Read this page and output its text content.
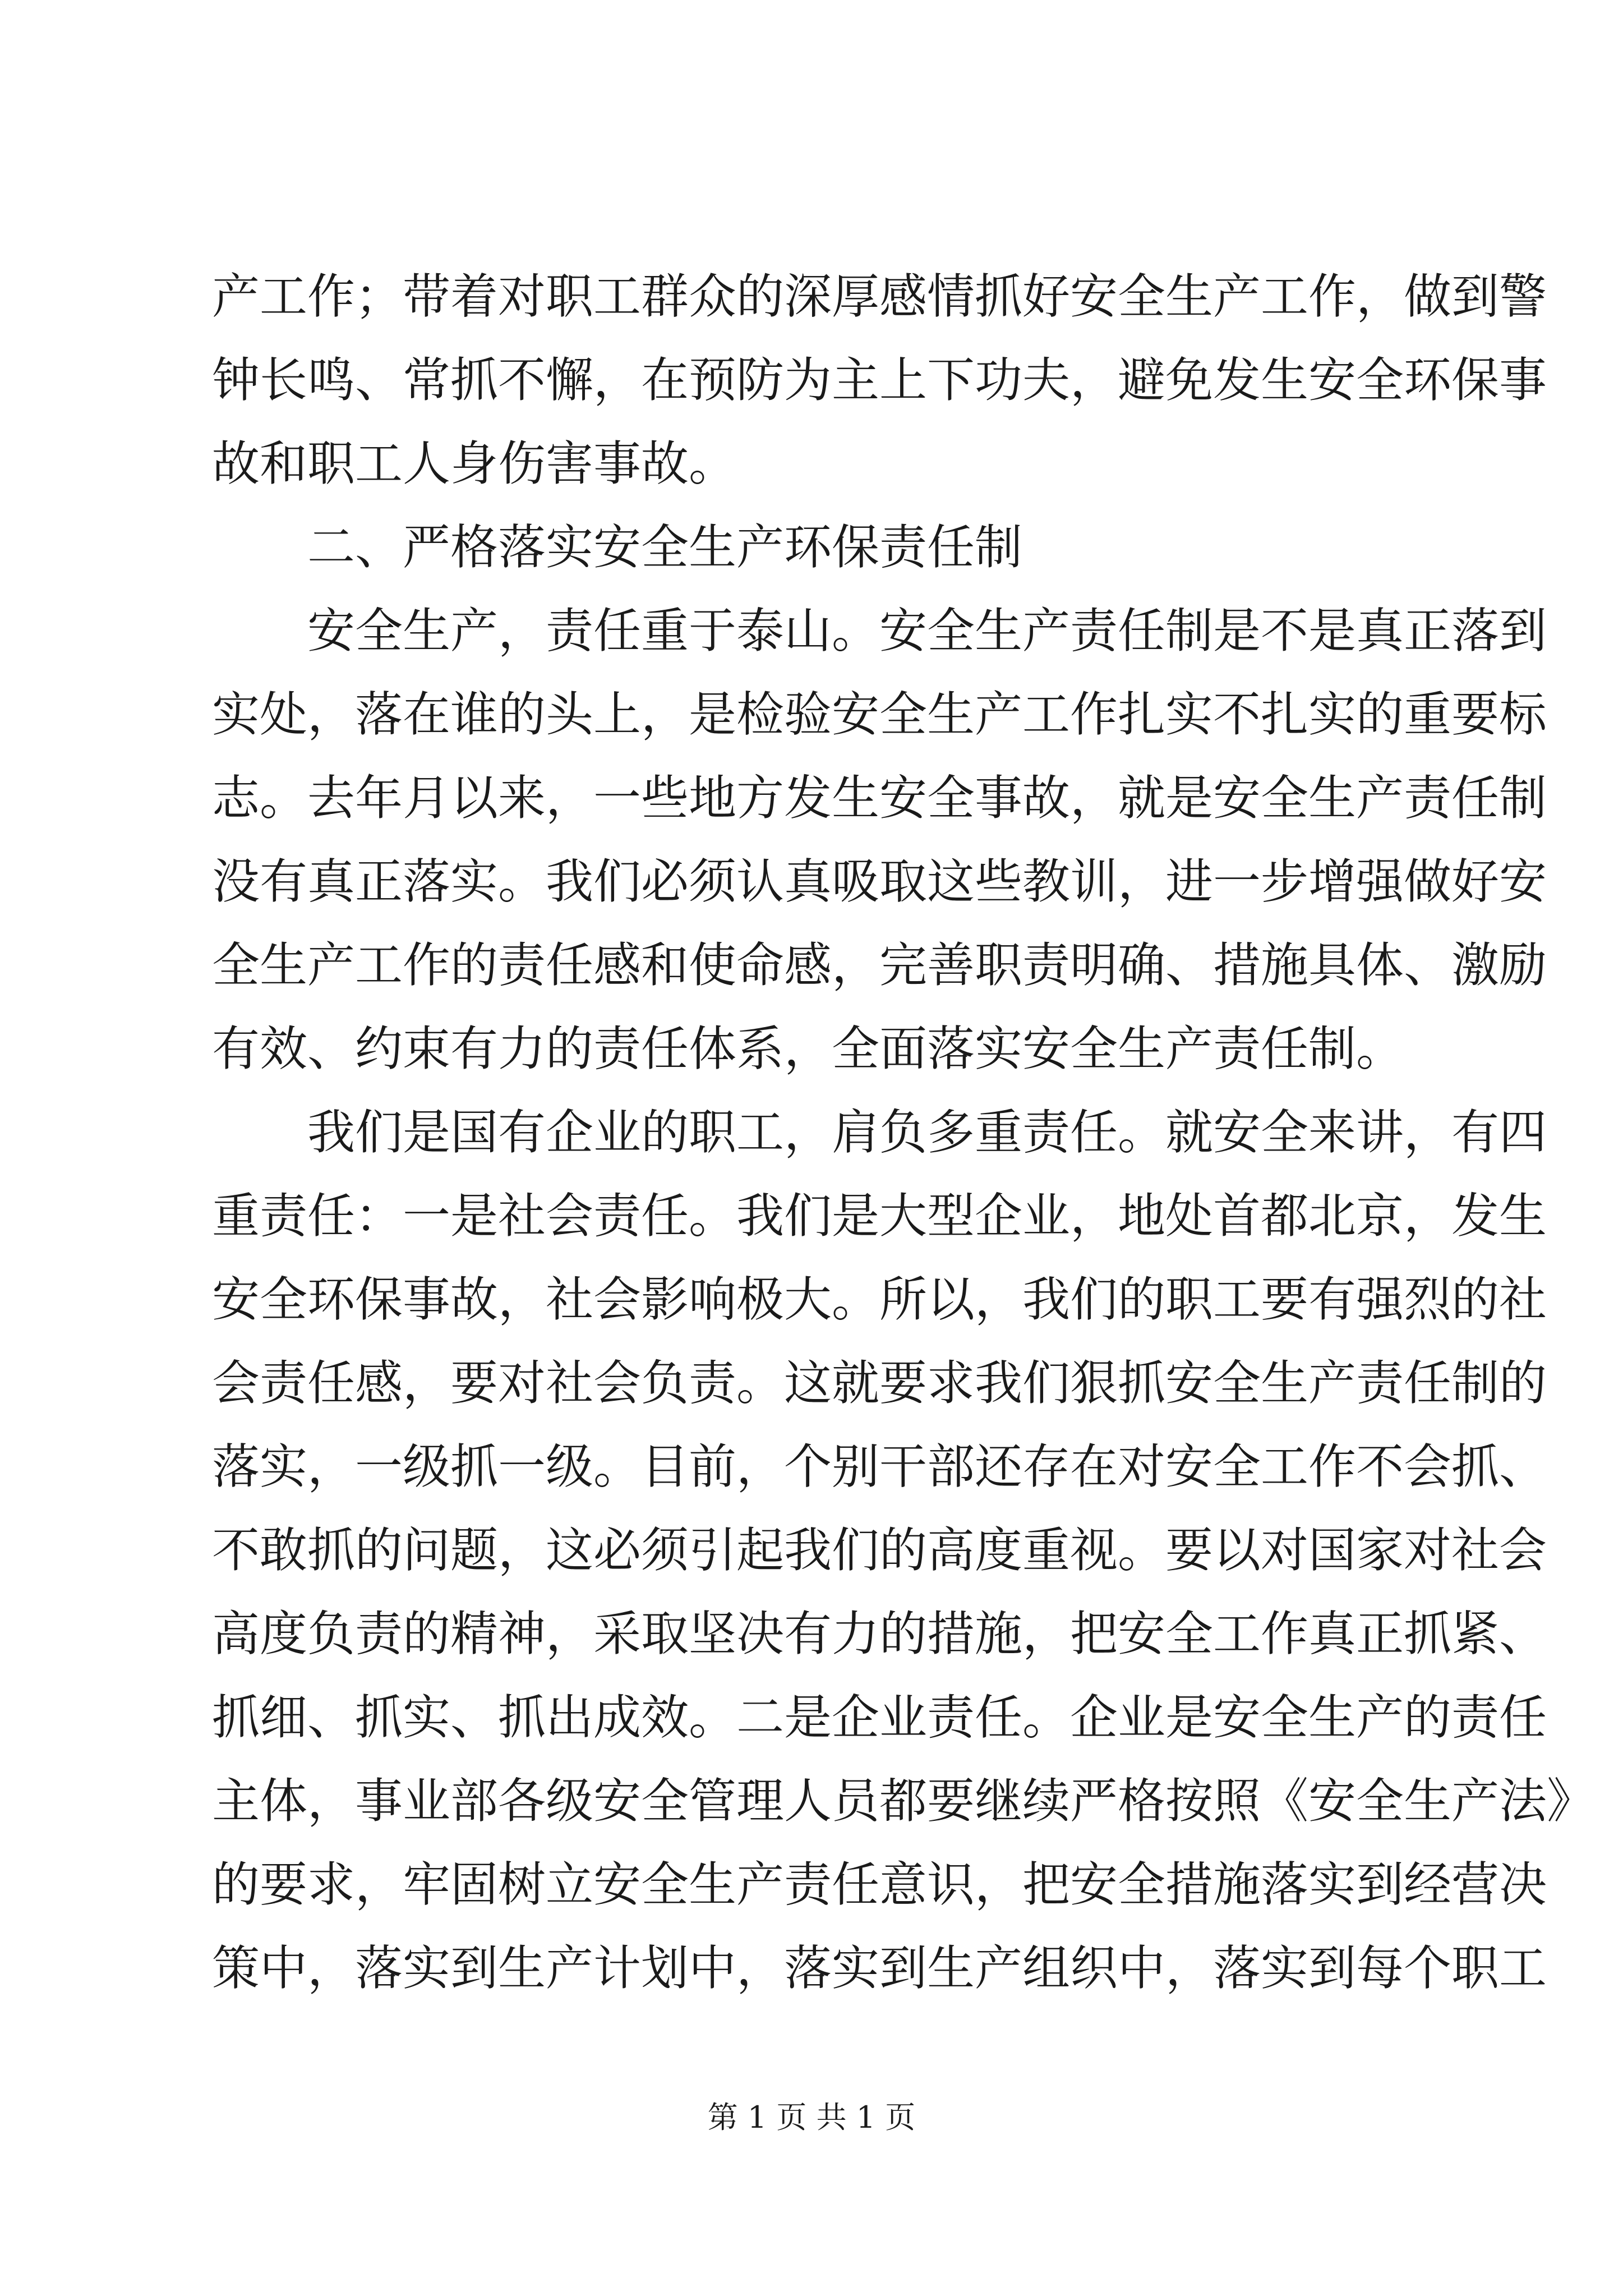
产工作；带着对职工群众的深厚感情抓好安全生产工作，做到警
钟长鸣、常抓不懈，在预防为主上下功夫，避免发生安全环保事
故和职工人身伤害事故。
二、严格落实安全生产环保责任制
安全生产，责任重于泰山。安全生产责任制是不是真正落到
实处，落在谁的头上，是检验安全生产工作扎实不扎实的重要标
志。去年月以来，一些地方发生安全事故，就是安全生产责任制
没有真正落实。我们必须认真吸取这些教训，进一步增强做好安
全生产工作的责任感和使命感，完善职责明确、措施具体、激励
有效、约束有力的责任体系，全面落实安全生产责任制。
我们是国有企业的职工，肩负多重责任。就安全来讲，有四
重责任：一是社会责任。我们是大型企业，地处首都北京，发生
安全环保事故，社会影响极大。所以，我们的职工要有强烈的社
会责任感，要对社会负责。这就要求我们狠抓安全生产责任制的
落实，一级抓一级。目前，个别干部还存在对安全工作不会抓、
不敢抓的问题，这必须引起我们的高度重视。要以对国家对社会
高度负责的精神，采取坚决有力的措施，把安全工作真正抓紧、
抓细、抓实、抓出成效。二是企业责任。企业是安全生产的责任
主体，事业部各级安全管理人员都要继续严格按照《安全生产法》
的要求，牢固树立安全生产责任意识，把安全措施落实到经营决
策中，落实到生产计划中，落实到生产组织中，落实到每个职工
第 1 页 共 1 页
